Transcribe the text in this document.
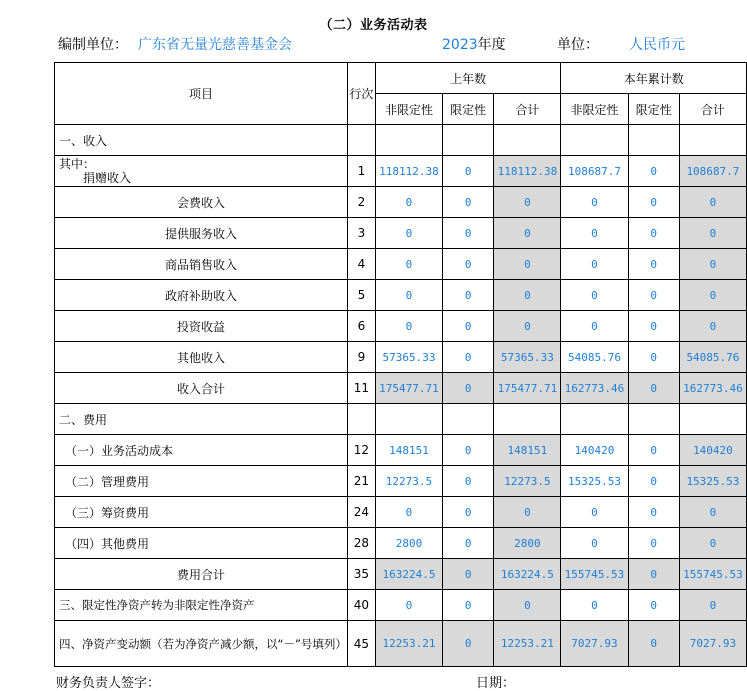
（二）业务活动表
编制单位： 广东省无量光慈善基金会	2023年度	单位： 人民币元
项目	行次	上年数			本年累计数		
		非限定性	限定性	合计	非限定性	限定性	合计
一、收入							

其中：
捐赠收入	1	118112.38	0	118112.38	108687.7	0	108687.7
会费收入	2	0	0	0	0	0	0
提供服务收入	3	0	0	0	0	0	0
商品销售收入	4	0	0	0	0	0	0
政府补助收入	5	0	0	0	0	0	0
投资收益	6	0	0	0	0	0	0
其他收入	9	57365.33	0	57365.33	54085.76	0	54085.76
收入合计	11	175477.71	0	175477.71	162773.46	0	162773.46
二、费用							
（一）业务活动成本	12	148151	0	148151	140420	0	140420
（二）管理费用	21	12273.5	0	12273.5	15325.53	0	15325.53
（三）筹资费用	24	0	0	0	0	0	0
（四）其他费用	28	2800	0	2800	0	0	0
费用合计	35	163224.5	0	163224.5	155745.53	0	155745.53
三、限定性净资产转为非限定性净资产	40	0	0	0	0	0	0
四、净资产变动额（若为净资产减少额，以“－”号填列）	45	12253.21	0	12253.21	7027.93	0	7027.93
财务负责人签字：	日期：
